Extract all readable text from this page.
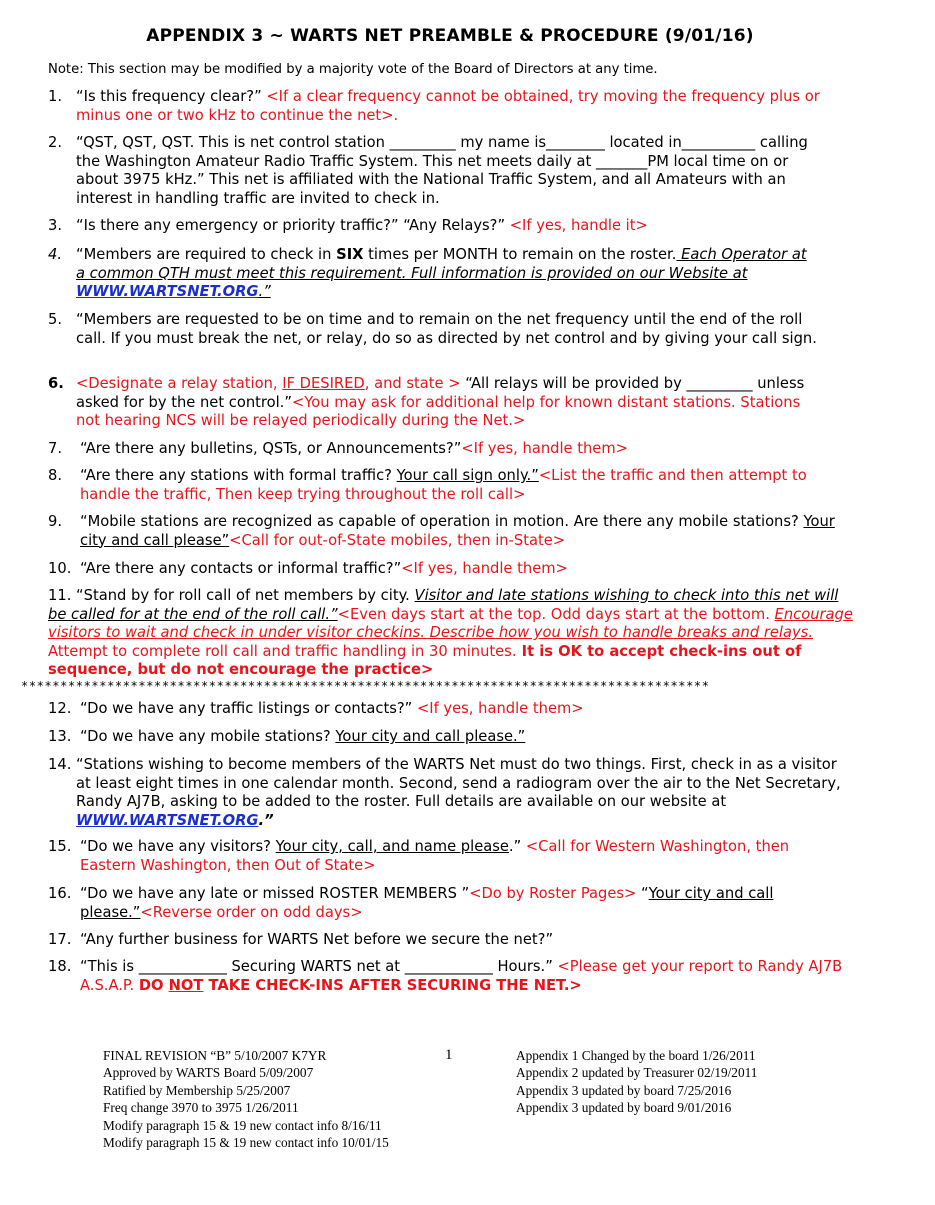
APPENDIX 3 ~ WARTS NET PREAMBLE & PROCEDURE (9/01/16)
Note: This section may be modified by a majority vote of the Board of Directors at any time.
1. “Is this frequency clear?” <If a clear frequency cannot be obtained, try moving the frequency plus or minus one or two kHz to continue the net>.
2. “QST, QST, QST. This is net control station _________ my name is________ located in__________ calling the Washington Amateur Radio Traffic System. This net meets daily at _______PM local time on or about 3975 kHz.” This net is affiliated with the National Traffic System, and all Amateurs with an interest in handling traffic are invited to check in.
3. “Is there any emergency or priority traffic?” “Any Relays?” <If yes, handle it>
4. “Members are required to check in SIX times per MONTH to remain on the roster. Each Operator at a common QTH must meet this requirement. Full information is provided on our Website at WWW.WARTSNET.ORG.”
5. “Members are requested to be on time and to remain on the net frequency until the end of the roll call. If you must break the net, or relay, do so as directed by net control and by giving your call sign.
6. <Designate a relay station, IF DESIRED, and state > “All relays will be provided by _________ unless asked for by the net control.”<You may ask for additional help for known distant stations. Stations not hearing NCS will be relayed periodically during the Net.>
7. “Are there any bulletins, QSTs, or Announcements?”<If yes, handle them>
8. “Are there any stations with formal traffic? Your call sign only.”<List the traffic and then attempt to handle the traffic, Then keep trying throughout the roll call>
9. “Mobile stations are recognized as capable of operation in motion. Are there any mobile stations? Your city and call please”<Call for out-of-State mobiles, then in-State>
10. “Are there any contacts or informal traffic?”<If yes, handle them>
11. “Stand by for roll call of net members by city. Visitor and late stations wishing to check into this net will be called for at the end of the roll call.”<Even days start at the top. Odd days start at the bottom. Encourage visitors to wait and check in under visitor checkins. Describe how you wish to handle breaks and relays. Attempt to complete roll call and traffic handling in 30 minutes. It is OK to accept check-ins out of sequence, but do not encourage the practice>
****************************************************************************************
12. “Do we have any traffic listings or contacts?” <If yes, handle them>
13. “Do we have any mobile stations? Your city and call please.”
14. “Stations wishing to become members of the WARTS Net must do two things. First, check in as a visitor at least eight times in one calendar month. Second, send a radiogram over the air to the Net Secretary, Randy AJ7B, asking to be added to the roster. Full details are available on our website at WWW.WARTSNET.ORG.”
15. “Do we have any visitors? Your city, call, and name please.” <Call for Western Washington, then Eastern Washington, then Out of State>
16. “Do we have any late or missed ROSTER MEMBERS ”<Do by Roster Pages> “Your city and call please.”<Reverse order on odd days>
17. “Any further business for WARTS Net before we secure the net?”
18. “This is ____________ Securing WARTS net at ____________ Hours.” <Please get your report to Randy AJ7B A.S.A.P. DO NOT TAKE CHECK-INS AFTER SECURING THE NET.>
FINAL REVISION “B” 5/10/2007 K7YR
Approved by WARTS Board 5/09/2007
Ratified by Membership 5/25/2007
Freq change 3970 to 3975 1/26/2011
Modify paragraph 15 & 19 new contact info 8/16/11
Modify paragraph 15 & 19 new contact info 10/01/15
1	Appendix 1 Changed by the board 1/26/2011
Appendix 2 updated by Treasurer 02/19/2011
Appendix 3 updated by board 7/25/2016
Appendix 3 updated by board 9/01/2016
